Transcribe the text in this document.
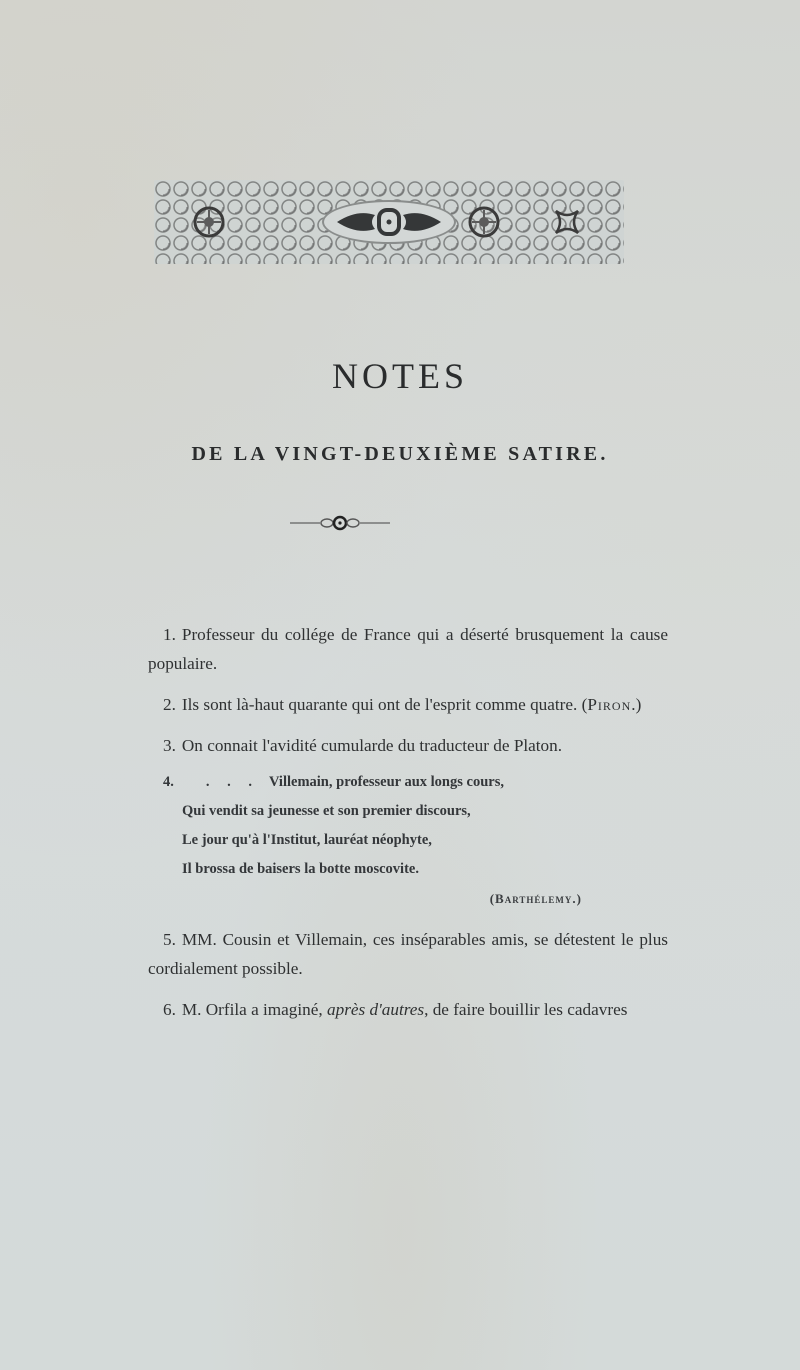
NOTES
DE LA VINGT-DEUXIÈME SATIRE.

1. Professeur du collége de France qui a déserté brusquement la cause populaire.

2. Ils sont là-haut quarante qui ont de l'esprit comme quatre. (Piron.)

3. On connait l'avidité cumularde du traducteur de Platon.

4. . . . Villemain, professeur aux longs cours,

Qui vendit sa jeunesse et son premier discours,

Le jour qu'à l'Institut, lauréat néophyte,

Il brossa de baisers la botte moscovite.

(Barthélemy.)

5. MM. Cousin et Villemain, ces inséparables amis, se détestent le plus cordialement possible.

6. M. Orfila a imaginé, après d'autres, de faire bouillir les cadavres
